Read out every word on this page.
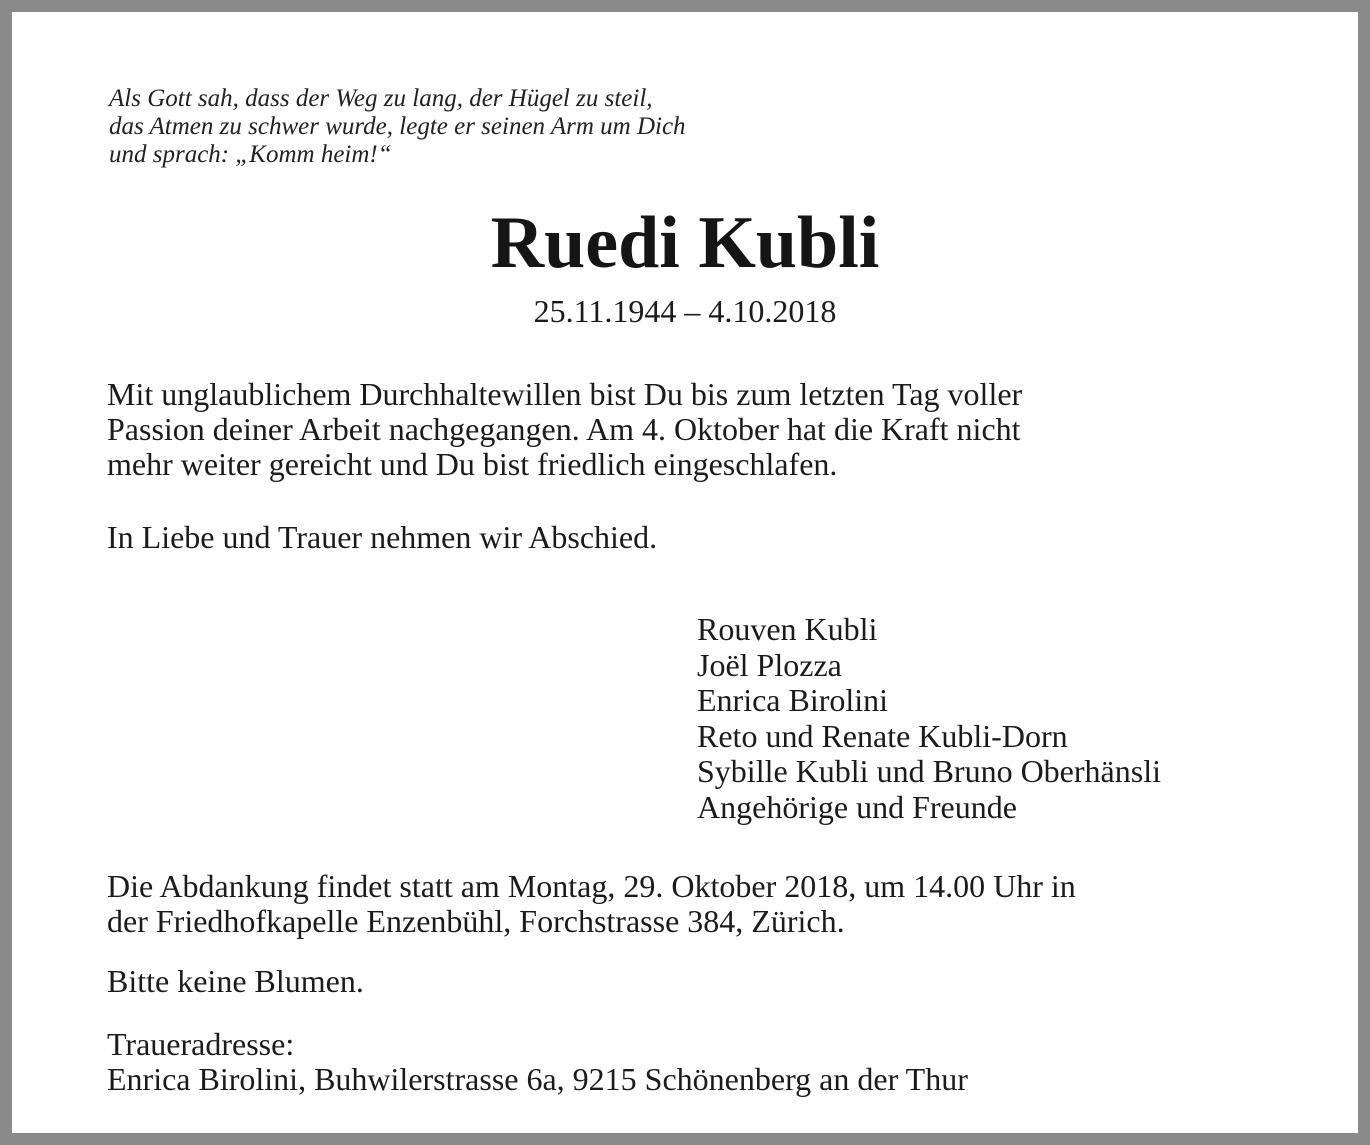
Als Gott sah, dass der Weg zu lang, der Hügel zu steil,
das Atmen zu schwer wurde, legte er seinen Arm um Dich
und sprach: „Komm heim!“
Ruedi Kubli
25.11.1944 – 4.10.2018
Mit unglaublichem Durchhaltewillen bist Du bis zum letzten Tag voller
Passion deiner Arbeit nachgegangen. Am 4. Oktober hat die Kraft nicht
mehr weiter gereicht und Du bist friedlich eingeschlafen.
In Liebe und Trauer nehmen wir Abschied.
Rouven Kubli
Joël Plozza
Enrica Birolini
Reto und Renate Kubli-Dorn
Sybille Kubli und Bruno Oberhänsli
Angehörige und Freunde
Die Abdankung findet statt am Montag, 29. Oktober 2018, um 14.00 Uhr in
der Friedhofkapelle Enzenbühl, Forchstrasse 384, Zürich.
Bitte keine Blumen.
Traueradresse:
Enrica Birolini, Buhwilerstrasse 6a, 9215 Schönenberg an der Thur
